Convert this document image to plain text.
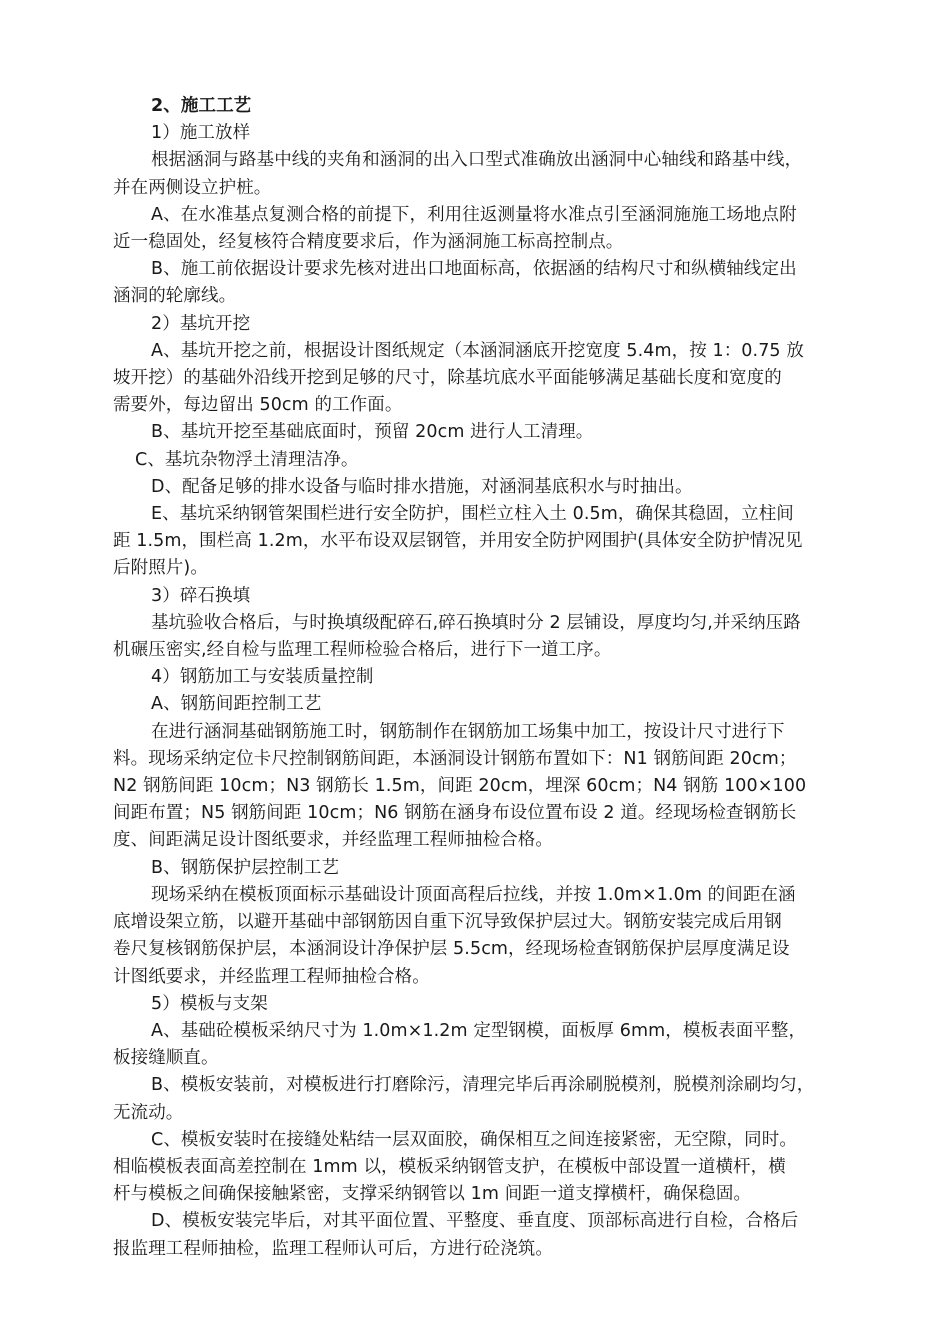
2、施工工艺
1）施工放样
根据涵洞与路基中线的夹角和涵洞的出入口型式准确放出涵洞中心轴线和路基中线，
并在两侧设立护桩。
A、在水准基点复测合格的前提下，利用往返测量将水准点引至涵洞施施工场地点附
近一稳固处，经复核符合精度要求后，作为涵洞施工标高控制点。
B、施工前依据设计要求先核对进出口地面标高，依据涵的结构尺寸和纵横轴线定出
涵洞的轮廓线。
2）基坑开挖
A、基坑开挖之前，根据设计图纸规定（本涵洞涵底开挖宽度 5.4m，按 1：0.75 放
坡开挖）的基础外沿线开挖到足够的尺寸，除基坑底水平面能够满足基础长度和宽度的
需要外，每边留出 50cm 的工作面。
B、基坑开挖至基础底面时，预留 20cm 进行人工清理。
C、基坑杂物浮土清理洁净。
D、配备足够的排水设备与临时排水措施，对涵洞基底积水与时抽出。
E、基坑采纳钢管架围栏进行安全防护，围栏立柱入土 0.5m，确保其稳固，立柱间
距 1.5m，围栏高 1.2m，水平布设双层钢管，并用安全防护网围护(具体安全防护情况见
后附照片)。
3）碎石换填
基坑验收合格后，与时换填级配碎石,碎石换填时分 2 层铺设，厚度均匀,并采纳压路
机碾压密实,经自检与监理工程师检验合格后，进行下一道工序。
4）钢筋加工与安装质量控制
A、钢筋间距控制工艺
在进行涵洞基础钢筋施工时，钢筋制作在钢筋加工场集中加工，按设计尺寸进行下
料。现场采纳定位卡尺控制钢筋间距，本涵洞设计钢筋布置如下：N1 钢筋间距 20cm；
N2 钢筋间距 10cm；N3 钢筋长 1.5m，间距 20cm，埋深 60cm；N4 钢筋 100×100
间距布置；N5 钢筋间距 10cm；N6 钢筋在涵身布设位置布设 2 道。经现场检查钢筋长
度、间距满足设计图纸要求，并经监理工程师抽检合格。
B、钢筋保护层控制工艺
现场采纳在模板顶面标示基础设计顶面高程后拉线，并按 1.0m×1.0m 的间距在涵
底增设架立筋，以避开基础中部钢筋因自重下沉导致保护层过大。钢筋安装完成后用钢
卷尺复核钢筋保护层，本涵洞设计净保护层 5.5cm，经现场检查钢筋保护层厚度满足设
计图纸要求，并经监理工程师抽检合格。
5）模板与支架
A、基础砼模板采纳尺寸为 1.0m×1.2m 定型钢模，面板厚 6mm，模板表面平整，
板接缝顺直。
B、模板安装前，对模板进行打磨除污，清理完毕后再涂刷脱模剂，脱模剂涂刷均匀，
无流动。
C、模板安装时在接缝处粘结一层双面胶，确保相互之间连接紧密，无空隙，同时。
相临模板表面高差控制在 1mm 以，模板采纳钢管支护，在模板中部设置一道横杆，横
杆与模板之间确保接触紧密，支撑采纳钢管以 1m 间距一道支撑横杆，确保稳固。
D、模板安装完毕后，对其平面位置、平整度、垂直度、顶部标高进行自检，合格后
报监理工程师抽检，监理工程师认可后，方进行砼浇筑。
